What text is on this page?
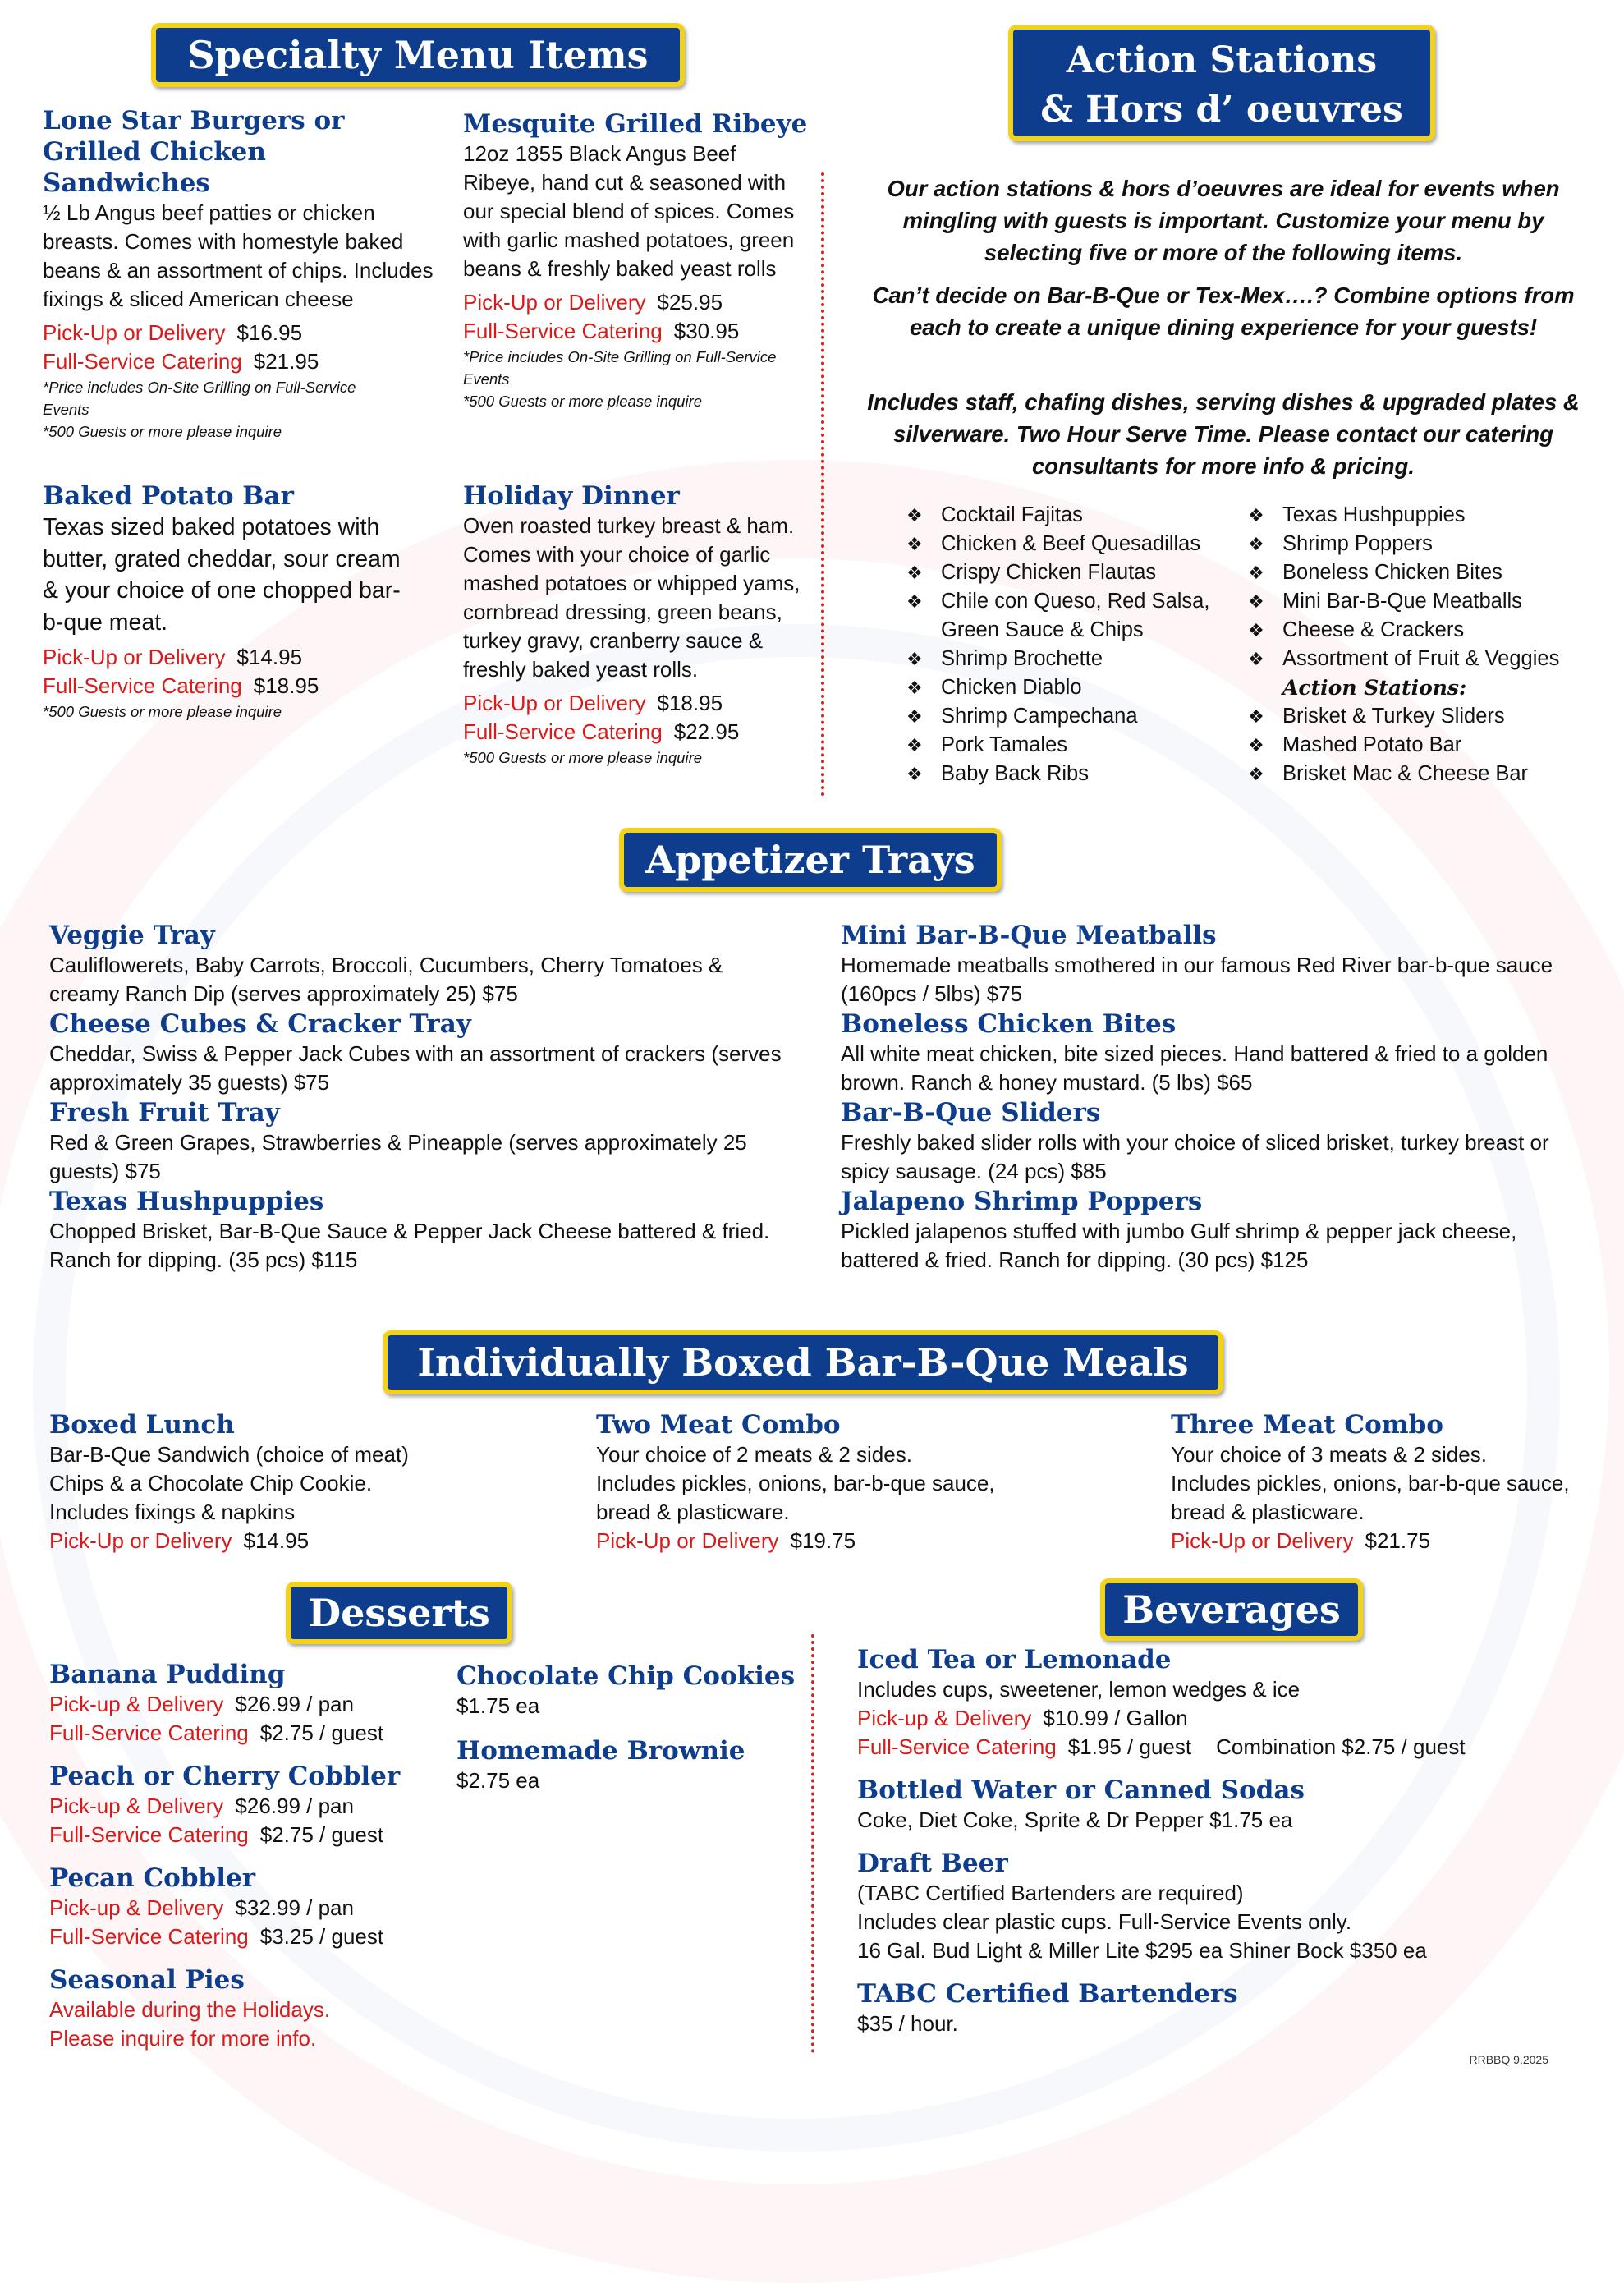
Specialty Menu Items
Lone Star Burgers or
Grilled Chicken Sandwiches
½ Lb Angus beef patties or chicken breasts. Comes with homestyle baked beans & an assortment of chips. Includes fixings & sliced American cheese
Pick-Up or Delivery $16.95
Full-Service Catering $21.95
*Price includes On-Site Grilling on Full-Service Events
*500 Guests or more please inquire
Mesquite Grilled Ribeye
12oz 1855 Black Angus Beef Ribeye, hand cut & seasoned with our special blend of spices. Comes with garlic mashed potatoes, green beans & freshly baked yeast rolls
Pick-Up or Delivery $25.95
Full-Service Catering $30.95
*Price includes On-Site Grilling on Full-Service Events
*500 Guests or more please inquire
Baked Potato Bar
Texas sized baked potatoes with butter, grated cheddar, sour cream & your choice of one chopped bar-b-que meat.
Pick-Up or Delivery $14.95
Full-Service Catering $18.95
*500 Guests or more please inquire
Holiday Dinner
Oven roasted turkey breast & ham. Comes with your choice of garlic mashed potatoes or whipped yams, cornbread dressing, green beans, turkey gravy, cranberry sauce & freshly baked yeast rolls.
Pick-Up or Delivery $18.95
Full-Service Catering $22.95
*500 Guests or more please inquire
Action Stations
& Hors d’ oeuvres
Our action stations & hors d’oeuvres are ideal for events when mingling with guests is important. Customize your menu by selecting five or more of the following items.
Can’t decide on Bar-B-Que or Tex-Mex….? Combine options from each to create a unique dining experience for your guests!
Includes staff, chafing dishes, serving dishes & upgraded plates & silverware. Two Hour Serve Time. Please contact our catering consultants for more info & pricing.
❖ Cocktail Fajitas
❖ Chicken & Beef Quesadillas
❖ Crispy Chicken Flautas
❖ Chile con Queso, Red Salsa, Green Sauce & Chips
❖ Shrimp Brochette
❖ Chicken Diablo
❖ Shrimp Campechana
❖ Pork Tamales
❖ Baby Back Ribs
❖ Texas Hushpuppies
❖ Shrimp Poppers
❖ Boneless Chicken Bites
❖ Mini Bar-B-Que Meatballs
❖ Cheese & Crackers
❖ Assortment of Fruit & Veggies
Action Stations:
❖ Brisket & Turkey Sliders
❖ Mashed Potato Bar
❖ Brisket Mac & Cheese Bar
Appetizer Trays
Veggie Tray
Cauliflowerets, Baby Carrots, Broccoli, Cucumbers, Cherry Tomatoes & creamy Ranch Dip (serves approximately 25) $75
Cheese Cubes & Cracker Tray
Cheddar, Swiss & Pepper Jack Cubes with an assortment of crackers (serves approximately 35 guests) $75
Fresh Fruit Tray
Red & Green Grapes, Strawberries & Pineapple (serves approximately 25 guests) $75
Texas Hushpuppies
Chopped Brisket, Bar-B-Que Sauce & Pepper Jack Cheese battered & fried. Ranch for dipping. (35 pcs) $115
Mini Bar-B-Que Meatballs
Homemade meatballs smothered in our famous Red River bar-b-que sauce (160pcs / 5lbs) $75
Boneless Chicken Bites
All white meat chicken, bite sized pieces. Hand battered & fried to a golden brown. Ranch & honey mustard. (5 lbs) $65
Bar-B-Que Sliders
Freshly baked slider rolls with your choice of sliced brisket, turkey breast or spicy sausage. (24 pcs) $85
Jalapeno Shrimp Poppers
Pickled jalapenos stuffed with jumbo Gulf shrimp & pepper jack cheese, battered & fried. Ranch for dipping. (30 pcs) $125
Individually Boxed Bar-B-Que Meals
Boxed Lunch
Bar-B-Que Sandwich (choice of meat)
Chips & a Chocolate Chip Cookie.
Includes fixings & napkins
Pick-Up or Delivery $14.95
Two Meat Combo
Your choice of 2 meats & 2 sides.
Includes pickles, onions, bar-b-que sauce,
bread & plasticware.
Pick-Up or Delivery $19.75
Three Meat Combo
Your choice of 3 meats & 2 sides.
Includes pickles, onions, bar-b-que sauce,
bread & plasticware.
Pick-Up or Delivery $21.75
Desserts
Banana Pudding
Pick-up & Delivery $26.99 / pan
Full-Service Catering $2.75 / guest
Peach or Cherry Cobbler
Pick-up & Delivery $26.99 / pan
Full-Service Catering $2.75 / guest
Pecan Cobbler
Pick-up & Delivery $32.99 / pan
Full-Service Catering $3.25 / guest
Seasonal Pies
Available during the Holidays.
Please inquire for more info.
Chocolate Chip Cookies
$1.75 ea
Homemade Brownie
$2.75 ea
Beverages
Iced Tea or Lemonade
Includes cups, sweetener, lemon wedges & ice
Pick-up & Delivery $10.99 / Gallon
Full-Service Catering $1.95 / guest Combination $2.75 / guest
Bottled Water or Canned Sodas
Coke, Diet Coke, Sprite & Dr Pepper $1.75 ea
Draft Beer
(TABC Certified Bartenders are required)
Includes clear plastic cups. Full-Service Events only.
16 Gal. Bud Light & Miller Lite $295 ea Shiner Bock $350 ea
TABC Certified Bartenders
$35 / hour.
RRBBQ 9.2025
